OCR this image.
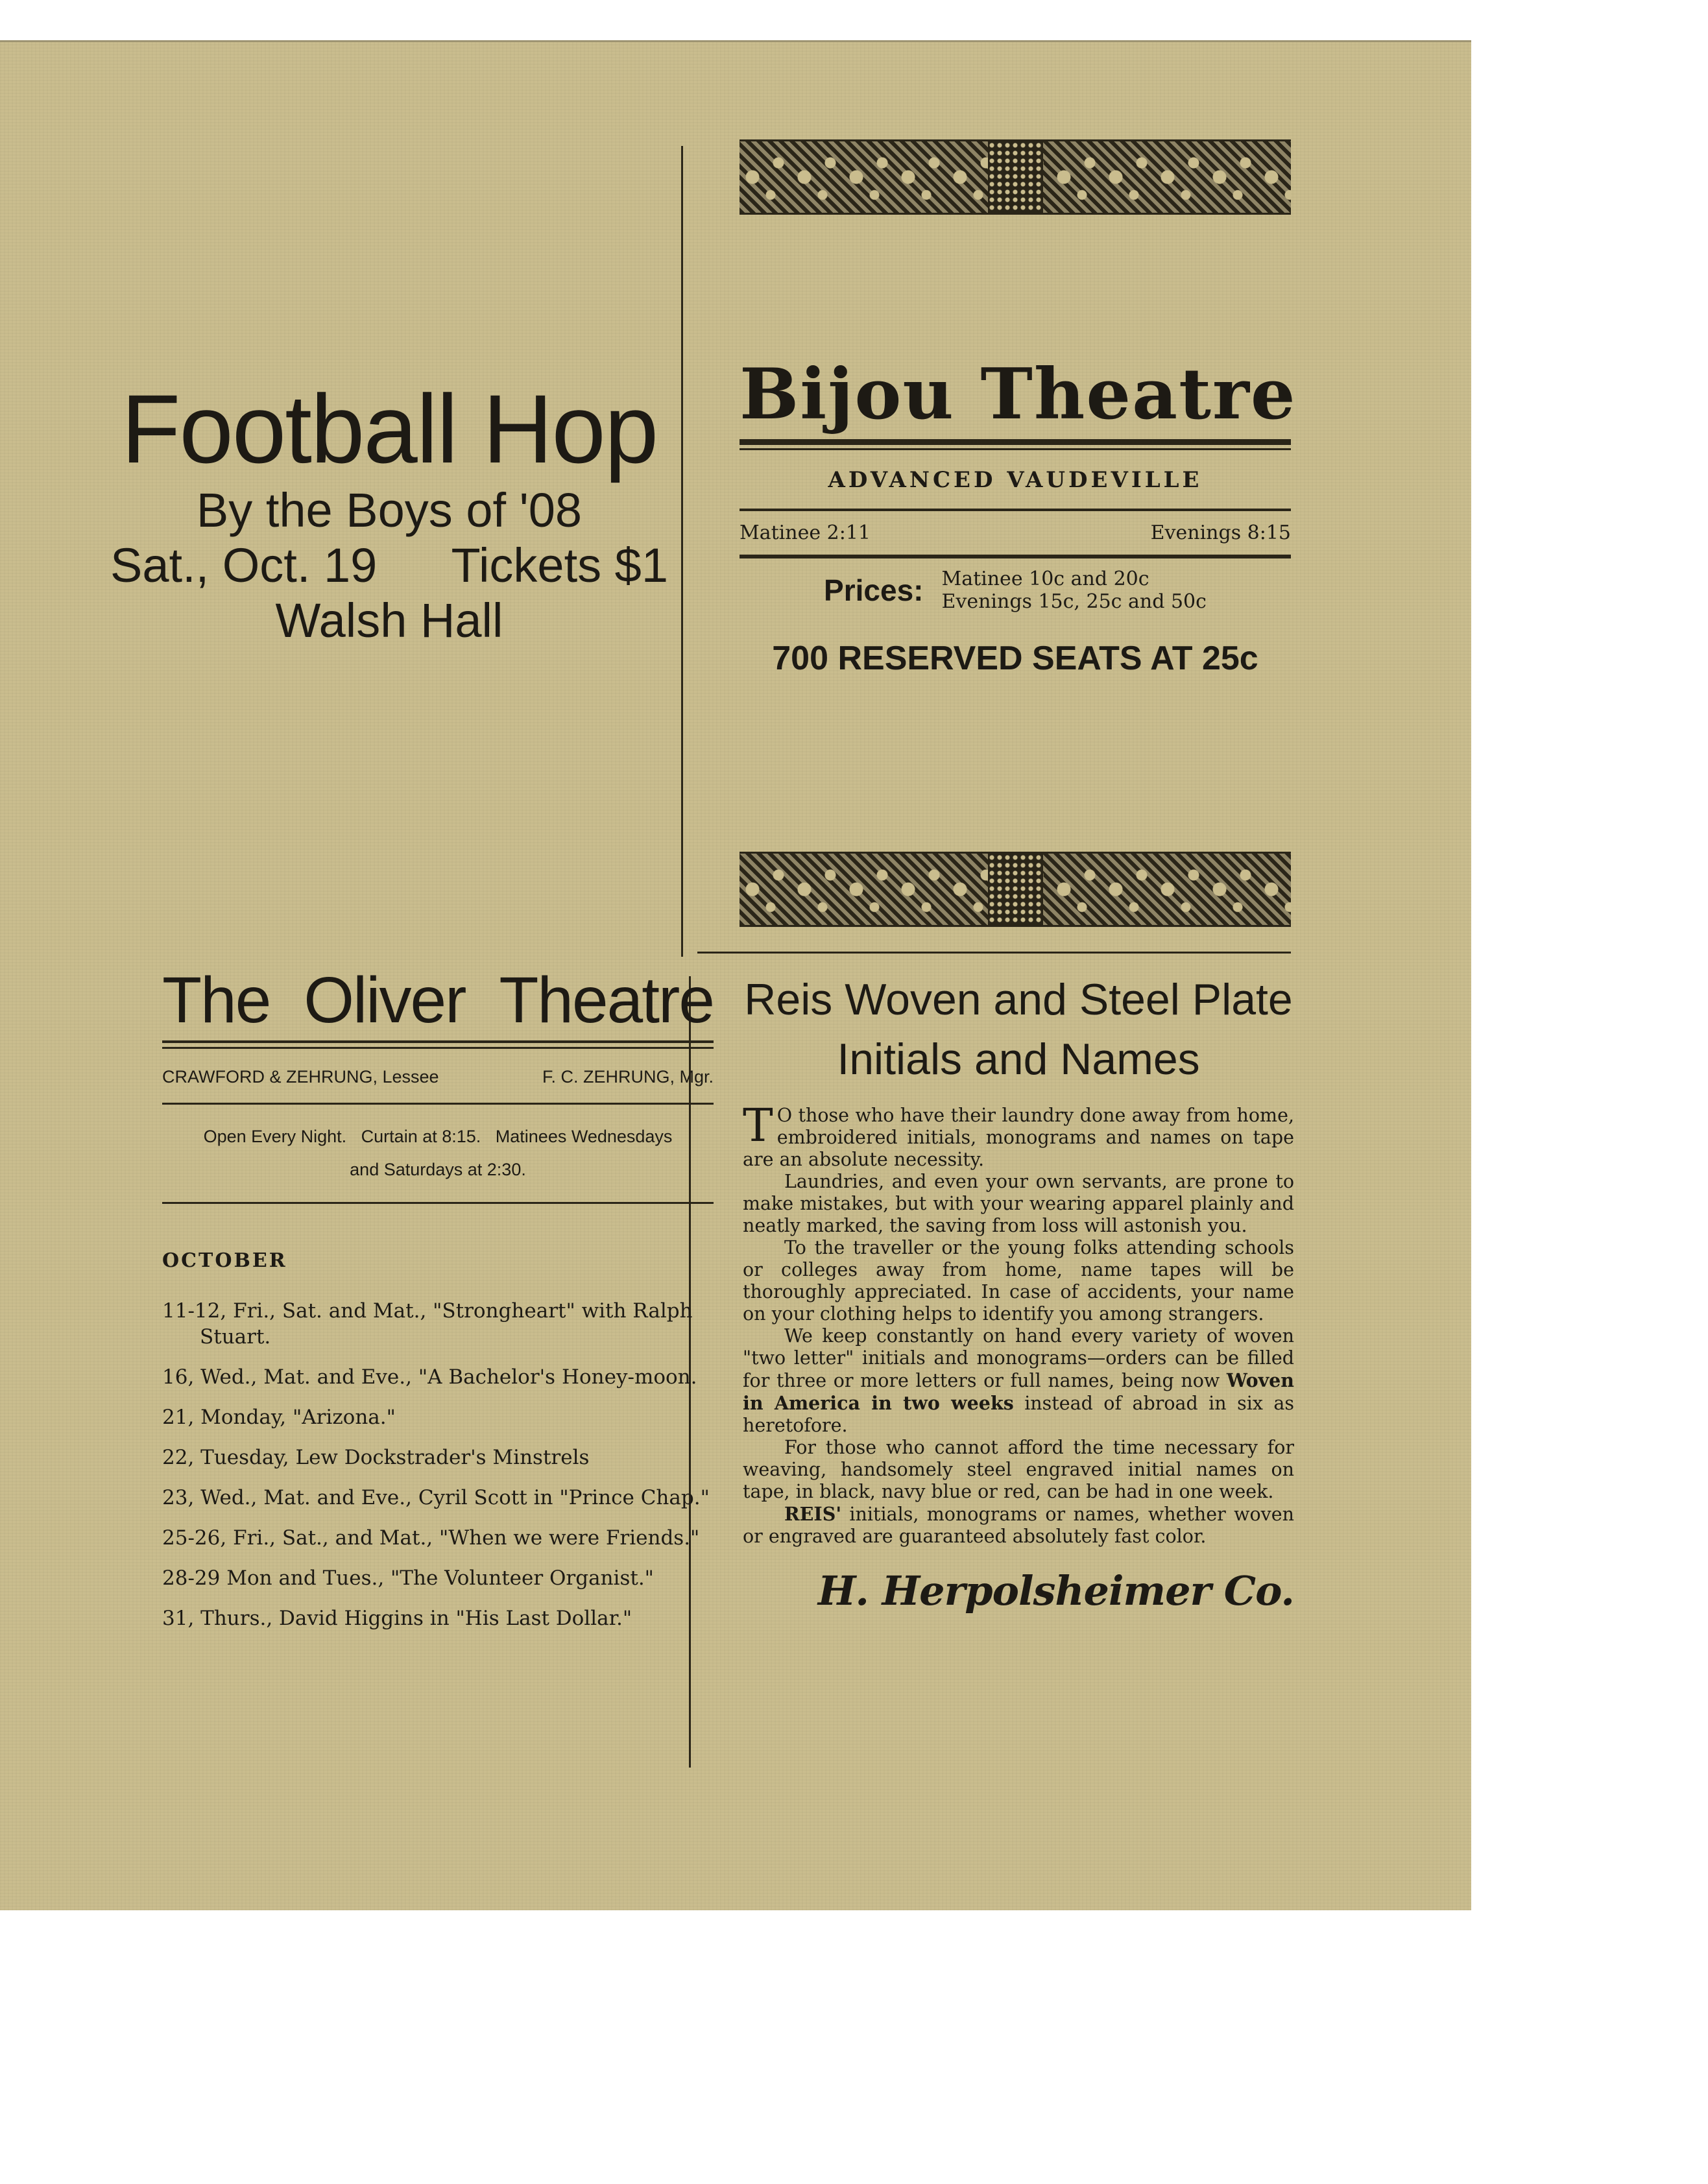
Football Hop
By the Boys of '08
Sat., Oct. 19 Tickets $1
Walsh Hall
Bijou Theatre
ADVANCED VAUDEVILLE
Matinee 2:11	Evenings 8:15
Prices: Matinee 10c and 20c
Evenings 15c, 25c and 50c
700 RESERVED SEATS AT 25c
The Oliver Theatre
CRAWFORD & ZEHRUNG, Lessee	F. C. ZEHRUNG, Mgr.
Open Every Night.   Curtain at 8:15.   Matinees Wednesdays
and Saturdays at 2:30.
OCTOBER
11-12, Fri., Sat. and Mat., "Strongheart" with Ralph Stuart.
16, Wed., Mat. and Eve., "A Bachelor's Honey-moon.
21, Monday, "Arizona."
22, Tuesday, Lew Dockstrader's Minstrels
23, Wed., Mat. and Eve., Cyril Scott in "Prince Chap."
25-26, Fri., Sat., and Mat., "When we were Friends."
28-29 Mon and Tues., "The Volunteer Organist."
31, Thurs., David Higgins in "His Last Dollar."
Reis Woven and Steel Plate
Initials and Names

T O those who have their laundry done away from home, embroidered initials, monograms and names on tape are an absolute necessity.

Laundries, and even your own servants, are prone to make mistakes, but with your wearing apparel plainly and neatly marked, the saving from loss will astonish you.

To the traveller or the young folks attending schools or colleges away from home, name tapes will be thoroughly appreciated. In case of accidents, your name on your clothing helps to identify you among strangers.

We keep constantly on hand every variety of woven "two letter" initials and monograms—orders can be filled for three or more letters or full names, being now Woven in America in two weeks instead of abroad in six as heretofore.

For those who cannot afford the time necessary for weaving, handsomely steel engraved initial names on tape, in black, navy blue or red, can be had in one week.

REIS' initials, monograms or names, whether woven or engraved are guaranteed absolutely fast color.

H. Herpolsheimer Co.
